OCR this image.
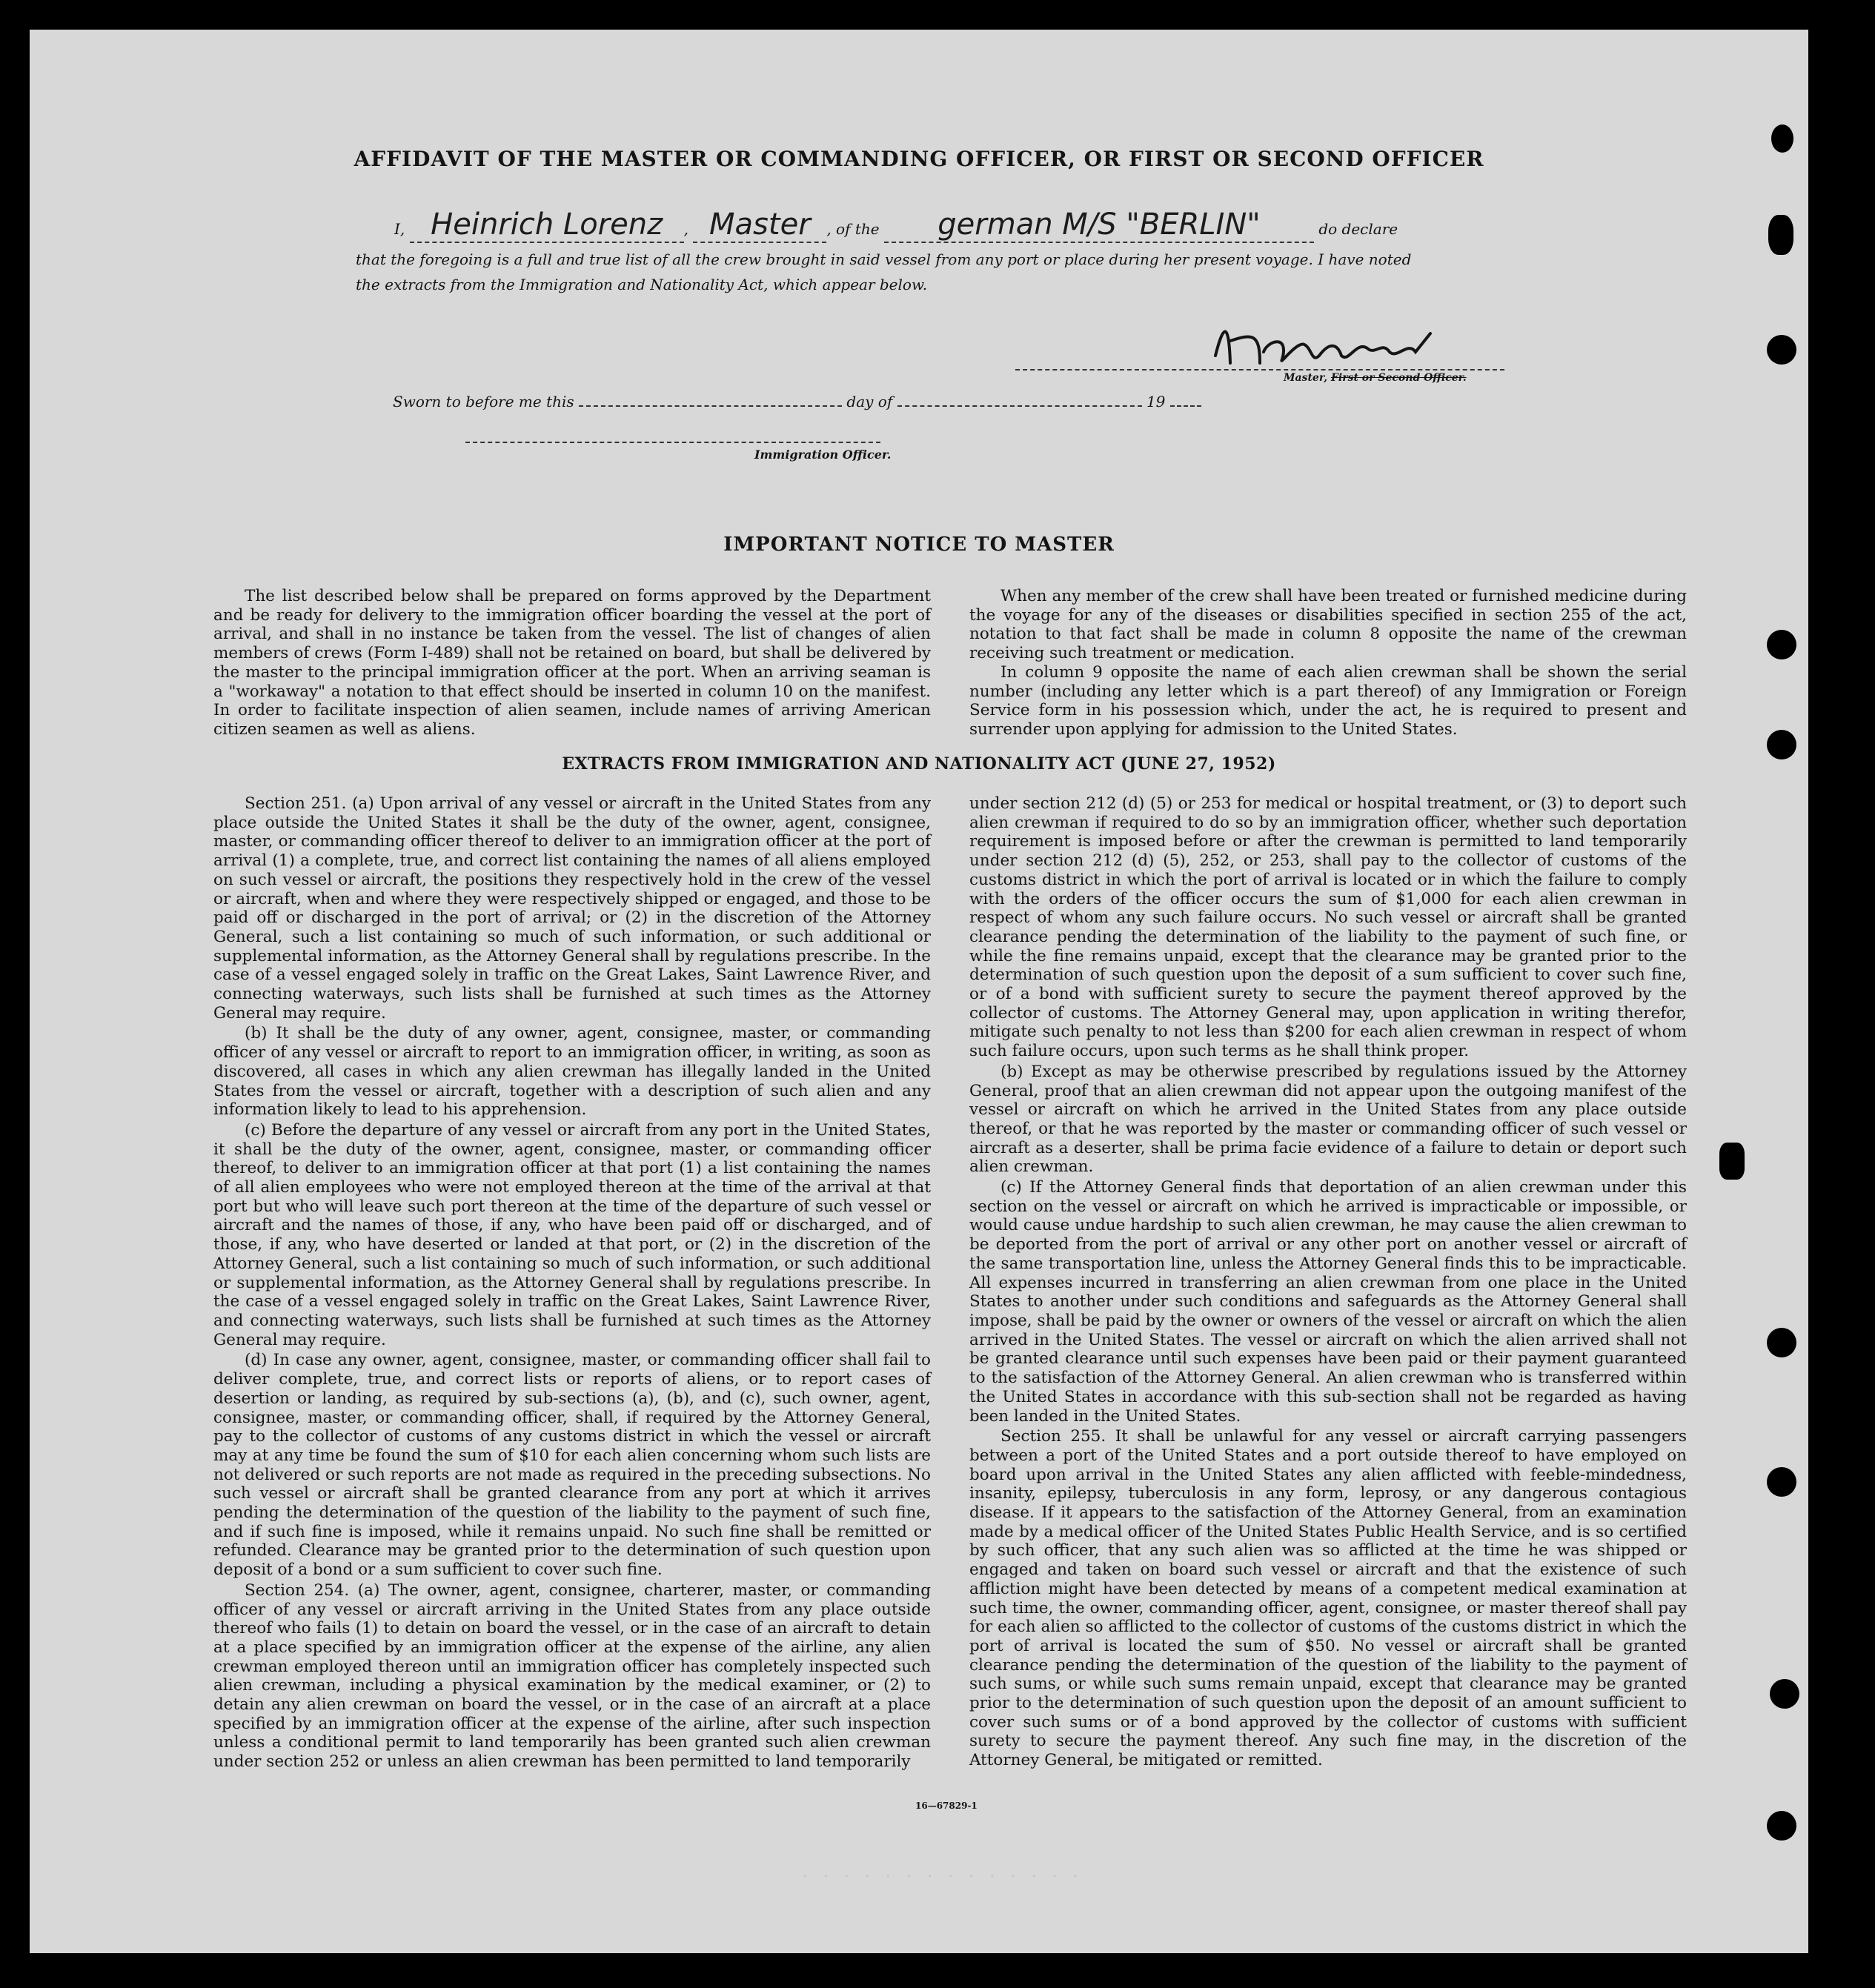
AFFIDAVIT OF THE MASTER OR COMMANDING OFFICER, OR FIRST OR SECOND OFFICER
I, Heinrich Lorenz , Master , of the german M/S "BERLIN"	do declare
that the foregoing is a full and true list of all the crew brought in said vessel from any port or place during her present voyage. I have noted
the extracts from the Immigration and Nationality Act, which appear below.
Master, First or Second Officer.
Sworn to before me this	day of	19
Immigration Officer.
IMPORTANT NOTICE TO MASTER

The list described below shall be prepared on forms approved by the Department and be ready for delivery to the immigration officer boarding the vessel at the port of arrival, and shall in no instance be taken from the vessel. The list of changes of alien members of crews (Form I-489) shall not be retained on board, but shall be delivered by the master to the principal immigration officer at the port. When an arriving seaman is a "workaway" a notation to that effect should be inserted in column 10 on the manifest. In order to facilitate inspection of alien seamen, include names of arriving American citizen seamen as well as aliens.

When any member of the crew shall have been treated or furnished medicine during the voyage for any of the diseases or disabilities specified in section 255 of the act, notation to that fact shall be made in column 8 opposite the name of the crewman receiving such treatment or medication.

In column 9 opposite the name of each alien crewman shall be shown the serial number (including any letter which is a part thereof) of any Immigration or Foreign Service form in his possession which, under the act, he is required to present and surrender upon applying for admission to the United States.

EXTRACTS FROM IMMIGRATION AND NATIONALITY ACT (JUNE 27, 1952)

Section 251. (a) Upon arrival of any vessel or aircraft in the United States from any place outside the United States it shall be the duty of the owner, agent, consignee, master, or commanding officer thereof to deliver to an immigration officer at the port of arrival (1) a complete, true, and correct list containing the names of all aliens employed on such vessel or aircraft, the positions they respectively hold in the crew of the vessel or aircraft, when and where they were respectively shipped or engaged, and those to be paid off or discharged in the port of arrival; or (2) in the discretion of the Attorney General, such a list containing so much of such information, or such additional or supplemental information, as the Attorney General shall by regulations prescribe. In the case of a vessel engaged solely in traffic on the Great Lakes, Saint Lawrence River, and connecting waterways, such lists shall be furnished at such times as the Attorney General may require.

(b) It shall be the duty of any owner, agent, consignee, master, or commanding officer of any vessel or aircraft to report to an immigration officer, in writing, as soon as discovered, all cases in which any alien crewman has illegally landed in the United States from the vessel or aircraft, together with a description of such alien and any information likely to lead to his apprehension.

(c) Before the departure of any vessel or aircraft from any port in the United States, it shall be the duty of the owner, agent, consignee, master, or commanding officer thereof, to deliver to an immigration officer at that port (1) a list containing the names of all alien employees who were not employed thereon at the time of the arrival at that port but who will leave such port thereon at the time of the departure of such vessel or aircraft and the names of those, if any, who have been paid off or discharged, and of those, if any, who have deserted or landed at that port, or (2) in the discretion of the Attorney General, such a list containing so much of such information, or such additional or supplemental information, as the Attorney General shall by regulations prescribe. In the case of a vessel engaged solely in traffic on the Great Lakes, Saint Lawrence River, and connecting waterways, such lists shall be furnished at such times as the Attorney General may require.

(d) In case any owner, agent, consignee, master, or commanding officer shall fail to deliver complete, true, and correct lists or reports of aliens, or to report cases of desertion or landing, as required by sub-sections (a), (b), and (c), such owner, agent, consignee, master, or commanding officer, shall, if required by the Attorney General, pay to the collector of customs of any customs district in which the vessel or aircraft may at any time be found the sum of $10 for each alien concerning whom such lists are not delivered or such reports are not made as required in the preceding subsections. No such vessel or aircraft shall be granted clearance from any port at which it arrives pending the determination of the question of the liability to the payment of such fine, and if such fine is imposed, while it remains unpaid. No such fine shall be remitted or refunded. Clearance may be granted prior to the determination of such question upon deposit of a bond or a sum sufficient to cover such fine.

Section 254. (a) The owner, agent, consignee, charterer, master, or commanding officer of any vessel or aircraft arriving in the United States from any place outside thereof who fails (1) to detain on board the vessel, or in the case of an aircraft to detain at a place specified by an immigration officer at the expense of the airline, any alien crewman employed thereon until an immigration officer has completely inspected such alien crewman, including a physical examination by the medical examiner, or (2) to detain any alien crewman on board the vessel, or in the case of an aircraft at a place specified by an immigration officer at the expense of the airline, after such inspection unless a conditional permit to land temporarily has been granted such alien crewman under section 252 or unless an alien crewman has been permitted to land temporarily

under section 212 (d) (5) or 253 for medical or hospital treatment, or (3) to deport such alien crewman if required to do so by an immigration officer, whether such deportation requirement is imposed before or after the crewman is permitted to land temporarily under section 212 (d) (5), 252, or 253, shall pay to the collector of customs of the customs district in which the port of arrival is located or in which the failure to comply with the orders of the officer occurs the sum of $1,000 for each alien crewman in respect of whom any such failure occurs. No such vessel or aircraft shall be granted clearance pending the determination of the liability to the payment of such fine, or while the fine remains unpaid, except that the clearance may be granted prior to the determination of such question upon the deposit of a sum sufficient to cover such fine, or of a bond with sufficient surety to secure the payment thereof approved by the collector of customs. The Attorney General may, upon application in writing therefor, mitigate such penalty to not less than $200 for each alien crewman in respect of whom such failure occurs, upon such terms as he shall think proper.

(b) Except as may be otherwise prescribed by regulations issued by the Attorney General, proof that an alien crewman did not appear upon the outgoing manifest of the vessel or aircraft on which he arrived in the United States from any place outside thereof, or that he was reported by the master or commanding officer of such vessel or aircraft as a deserter, shall be prima facie evidence of a failure to detain or deport such alien crewman.

(c) If the Attorney General finds that deportation of an alien crewman under this section on the vessel or aircraft on which he arrived is impracticable or impossible, or would cause undue hardship to such alien crewman, he may cause the alien crewman to be deported from the port of arrival or any other port on another vessel or aircraft of the same transportation line, unless the Attorney General finds this to be impracticable. All expenses incurred in transferring an alien crewman from one place in the United States to another under such conditions and safeguards as the Attorney General shall impose, shall be paid by the owner or owners of the vessel or aircraft on which the alien arrived in the United States. The vessel or aircraft on which the alien arrived shall not be granted clearance until such expenses have been paid or their payment guaranteed to the satisfaction of the Attorney General. An alien crewman who is transferred within the United States in accordance with this sub-section shall not be regarded as having been landed in the United States.

Section 255. It shall be unlawful for any vessel or aircraft carrying passengers between a port of the United States and a port outside thereof to have employed on board upon arrival in the United States any alien afflicted with feeble-mindedness, insanity, epilepsy, tuberculosis in any form, leprosy, or any dangerous contagious disease. If it appears to the satisfaction of the Attorney General, from an examination made by a medical officer of the United States Public Health Service, and is so certified by such officer, that any such alien was so afflicted at the time he was shipped or engaged and taken on board such vessel or aircraft and that the existence of such affliction might have been detected by means of a competent medical examination at such time, the owner, commanding officer, agent, consignee, or master thereof shall pay for each alien so afflicted to the collector of customs of the customs district in which the port of arrival is located the sum of $50. No vessel or aircraft shall be granted clearance pending the determination of the question of the liability to the payment of such sums, or while such sums remain unpaid, except that clearance may be granted prior to the determination of such question upon the deposit of an amount sufficient to cover such sums or of a bond approved by the collector of customs with sufficient surety to secure the payment thereof. Any such fine may, in the discretion of the Attorney General, be mitigated or remitted.

16—67829-1
· · · · · · · · · · · · · ·
